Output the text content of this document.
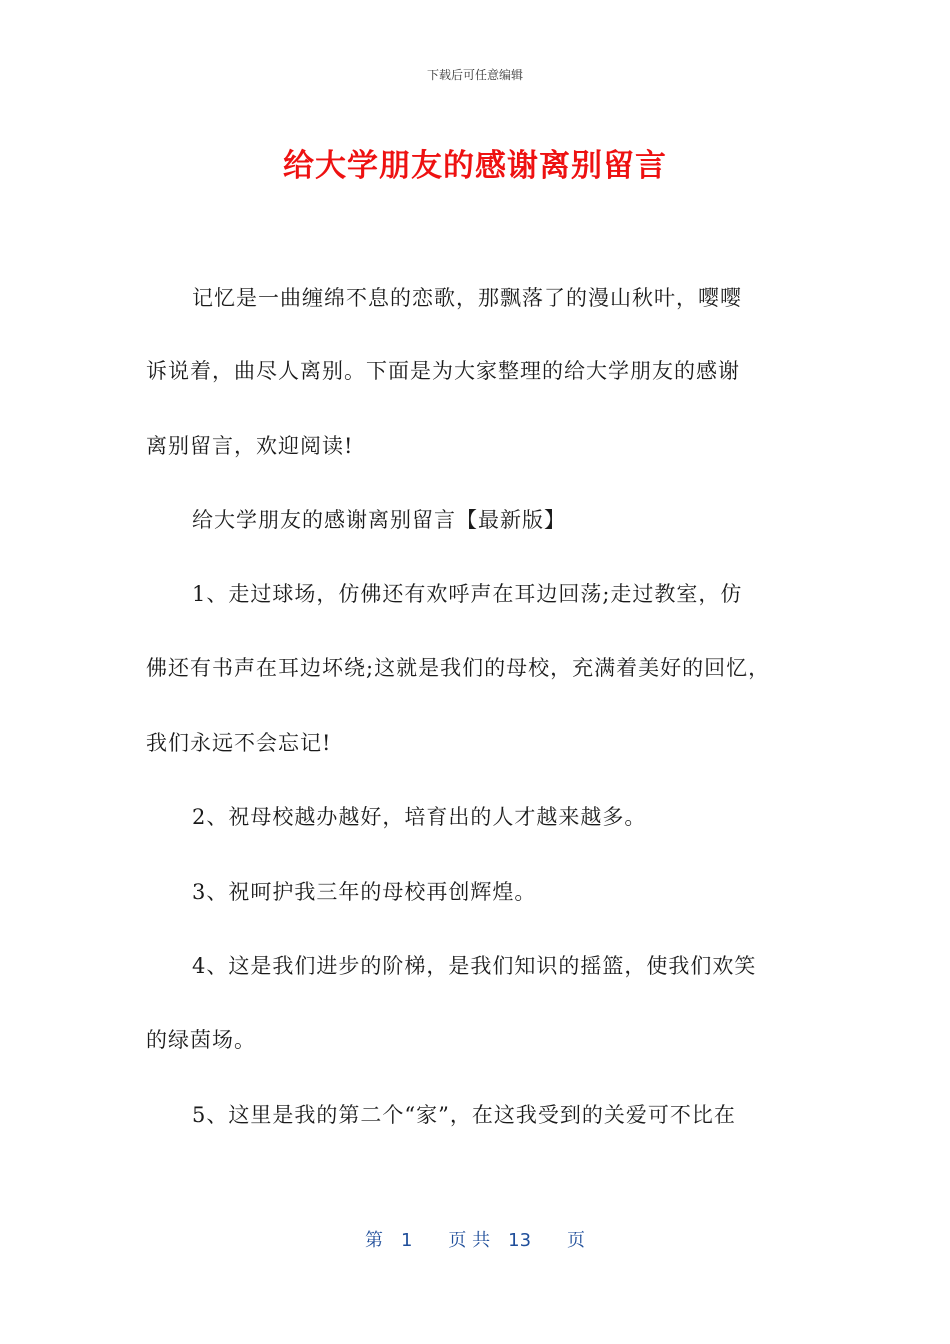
下载后可任意编辑
给大学朋友的感谢离别留言
记忆是一曲缠绵不息的恋歌，那飘落了的漫山秋叶，嘤嘤
诉说着，曲尽人离别。下面是为大家整理的给大学朋友的感谢
离别留言，欢迎阅读!
给大学朋友的感谢离别留言【最新版】
1、走过球场，仿佛还有欢呼声在耳边回荡;走过教室，仿
佛还有书声在耳边坏绕;这就是我们的母校，充满着美好的回忆，
我们永远不会忘记!
2、祝母校越办越好，培育出的人才越来越多。
3、祝呵护我三年的母校再创辉煌。
4、这是我们进步的阶梯，是我们知识的摇篮，使我们欢笑
的绿茵场。
5、这里是我的第二个“家”，在这我受到的关爱可不比在
第　1　　页 共　13　　页
